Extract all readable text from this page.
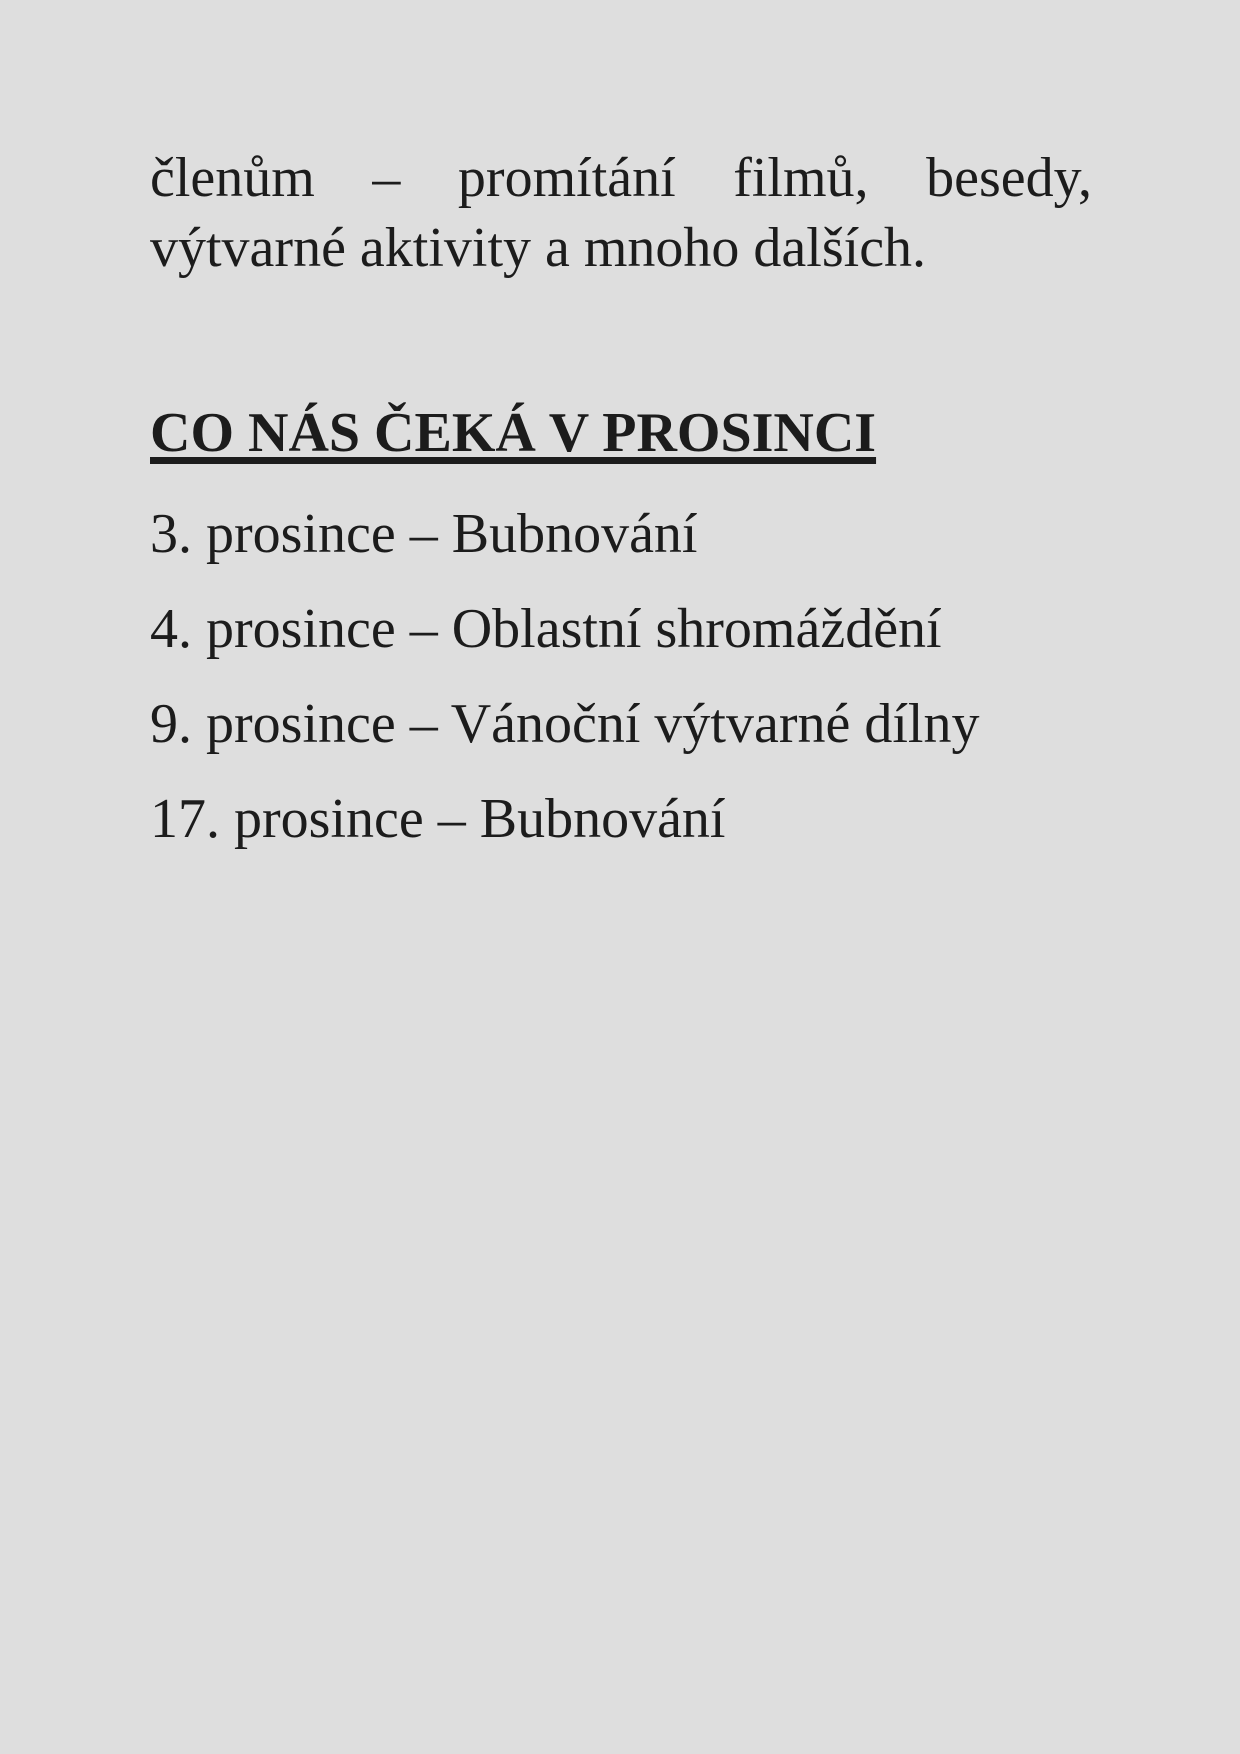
členům – promítání filmů, besedy,
výtvarné aktivity a mnoho dalších.
CO NÁS ČEKÁ V PROSINCI
3. prosince – Bubnování
4. prosince – Oblastní shromáždění
9. prosince – Vánoční výtvarné dílny
17. prosince – Bubnování
